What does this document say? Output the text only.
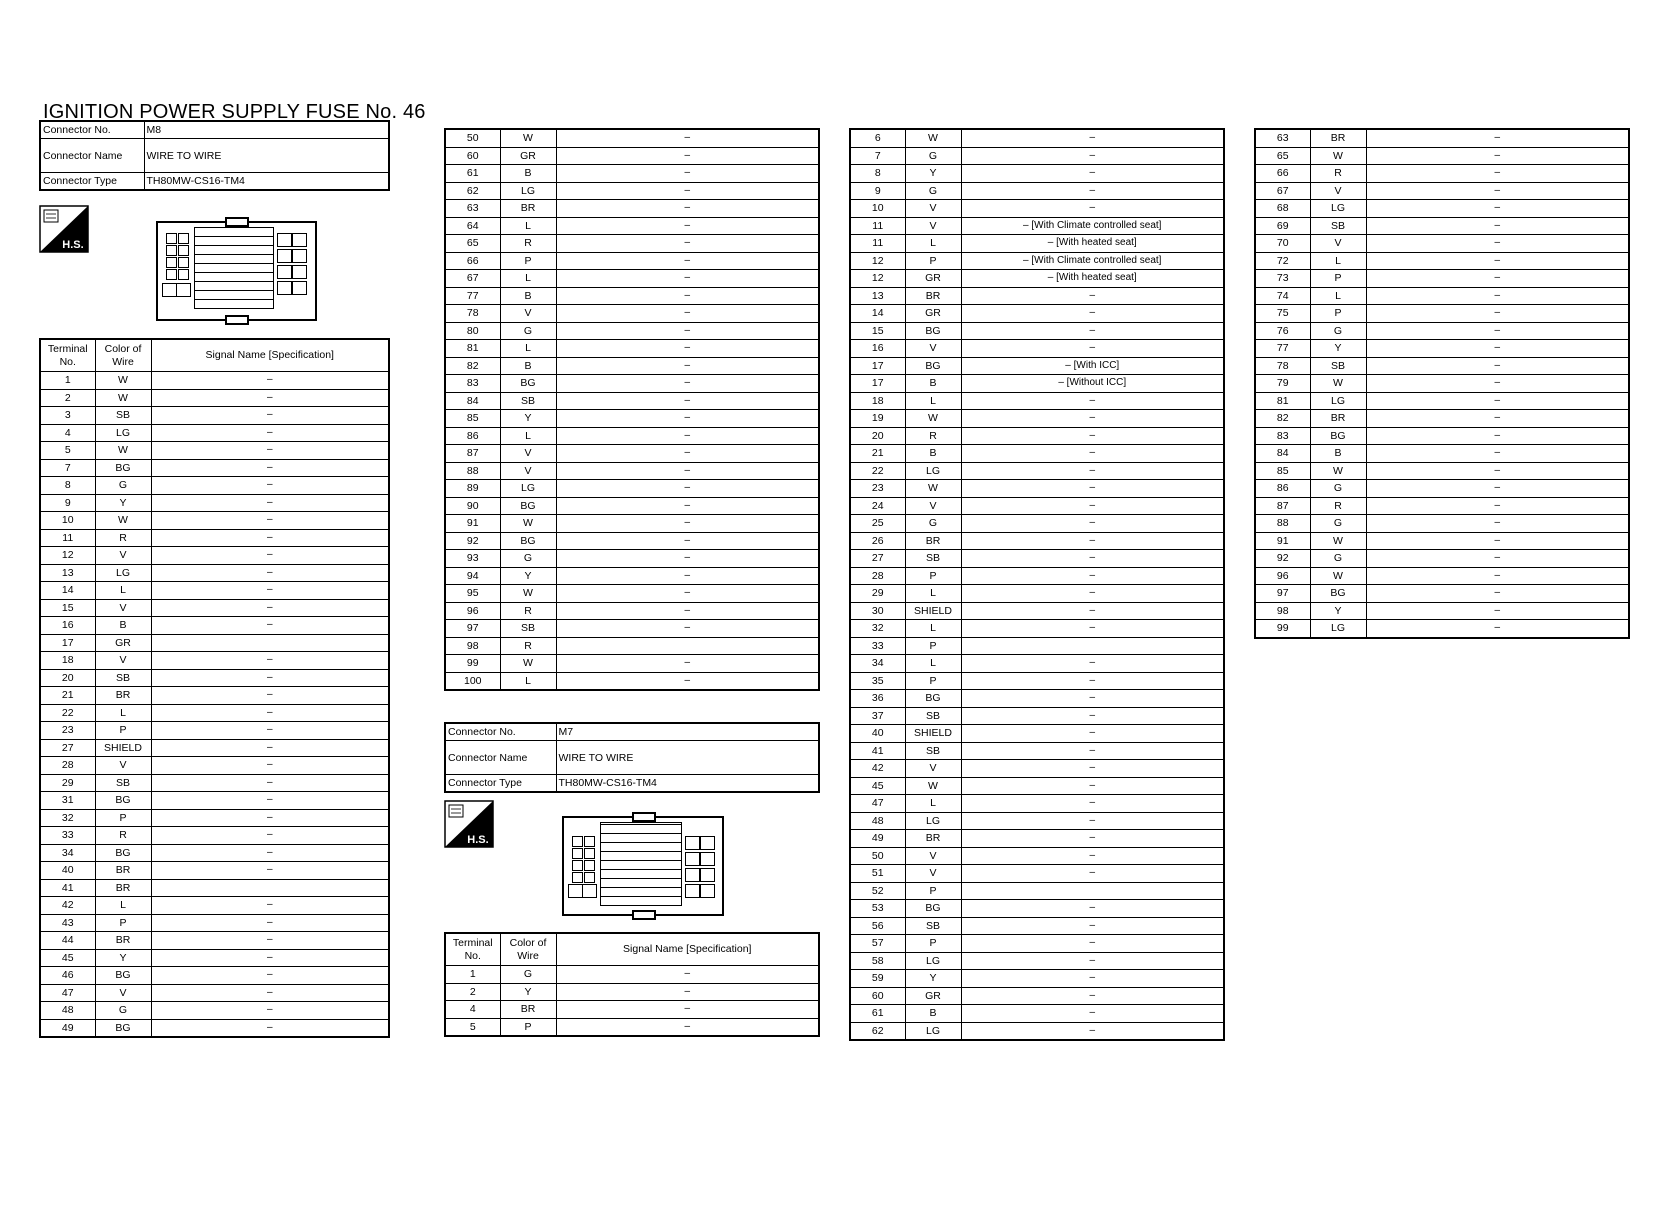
IGNITION POWER SUPPLY FUSE No. 46
Connector No.	M8
Connector Name	WIRE TO WIRE
Connector Type	TH80MW-CS16-TM4
H.S.
Terminal No.	Color of Wire	Signal Name [Specification]
1	W	–
2	W	–
3	SB	–
4	LG	–
5	W	–
7	BG	–
8	G	–
9	Y	–
10	W	–
11	R	–
12	V	–
13	LG	–
14	L	–
15	V	–
16	B	–
17	GR	
18	V	–
20	SB	–
21	BR	–
22	L	–
23	P	–
27	SHIELD	–
28	V	–
29	SB	–
31	BG	–
32	P	–
33	R	–
34	BG	–
40	BR	–
41	BR	
42	L	–
43	P	–
44	BR	–
45	Y	–
46	BG	–
47	V	–
48	G	–
49	BG	–
50	W	–
60	GR	–
61	B	–
62	LG	–
63	BR	–
64	L	–
65	R	–
66	P	–
67	L	–
77	B	–
78	V	–
80	G	–
81	L	–
82	B	–
83	BG	–
84	SB	–
85	Y	–
86	L	–
87	V	–
88	V	–
89	LG	–
90	BG	–
91	W	–
92	BG	–
93	G	–
94	Y	–
95	W	–
96	R	–
97	SB	–
98	R	
99	W	–
100	L	–
Connector No.	M7
Connector Name	WIRE TO WIRE
Connector Type	TH80MW-CS16-TM4
H.S.
Terminal No.	Color of Wire	Signal Name [Specification]
1	G	–
2	Y	–
4	BR	–
5	P	–
6	W	–
7	G	–
8	Y	–
9	G	–
10	V	–
11	V	– [With Climate controlled seat]
11	L	– [With heated seat]
12	P	– [With Climate controlled seat]
12	GR	– [With heated seat]
13	BR	–
14	GR	–
15	BG	–
16	V	–
17	BG	– [With ICC]
17	B	– [Without ICC]
18	L	–
19	W	–
20	R	–
21	B	–
22	LG	–
23	W	–
24	V	–
25	G	–
26	BR	–
27	SB	–
28	P	–
29	L	–
30	SHIELD	–
32	L	–
33	P	
34	L	–
35	P	–
36	BG	–
37	SB	–
40	SHIELD	–
41	SB	–
42	V	–
45	W	–
47	L	–
48	LG	–
49	BR	–
50	V	–
51	V	–
52	P	
53	BG	–
56	SB	–
57	P	–
58	LG	–
59	Y	–
60	GR	–
61	B	–
62	LG	–
63	BR	–
65	W	–
66	R	–
67	V	–
68	LG	–
69	SB	–
70	V	–
72	L	–
73	P	–
74	L	–
75	P	–
76	G	–
77	Y	–
78	SB	–
79	W	–
81	LG	–
82	BR	–
83	BG	–
84	B	–
85	W	–
86	G	–
87	R	–
88	G	–
91	W	–
92	G	–
96	W	–
97	BG	–
98	Y	–
99	LG	–
